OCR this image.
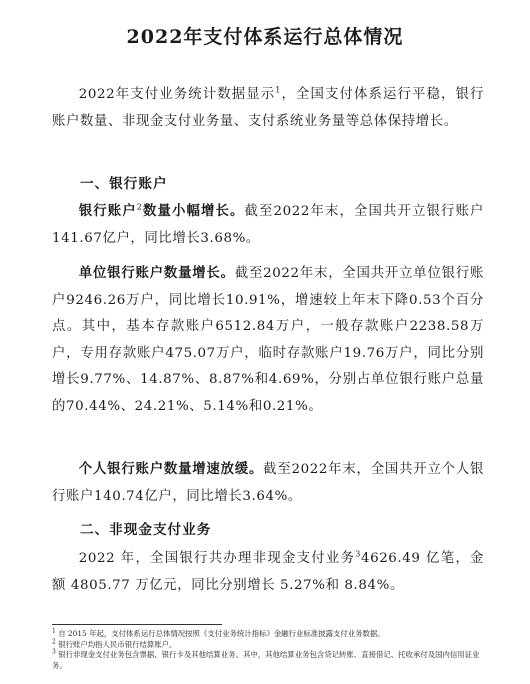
2022年支付体系运行总体情况
2022年支付业务统计数据显示$^1$，全国支付体系运行平稳，银行账户数量、非现金支付业务量、支付系统业务量等总体保持增长。
一、银行账户
银行账户$^2$数量小幅增长。截至2022年末，全国共开立银行账户141.67亿户，同比增长3.68%。
单位银行账户数量增长。截至2022年末，全国共开立单位银行账户9246.26万户，同比增长10.91%，增速较上年末下降0.53个百分点。其中，基本存款账户6512.84万户，一般存款账户2238.58万户，专用存款账户475.07万户，临时存款账户19.76万户，同比分别增长9.77%、14.87%、8.87%和4.69%，分别占单位银行账户总量的70.44%、24.21%、5.14%和0.21%。
个人银行账户数量增速放缓。截至2022年末，全国共开立个人银行账户140.74亿户，同比增长3.64%。
二、非现金支付业务
2022 年，全国银行共办理非现金支付业务$^3$4626.49 亿笔，金额 4805.77 万亿元，同比分别增长 5.27%和 8.84%。
$^1$ 自 2015 年起，支付体系运行总体情况按照《支付业务统计指标》金融行业标准披露支付业务数据。
$^2$ 银行账户均指人民币银行结算账户。
$^3$ 银行非现金支付业务包含票据、银行卡及其他结算业务。其中，其他结算业务包含贷记转账、直接借记、托收承付及国内信用证业务。
